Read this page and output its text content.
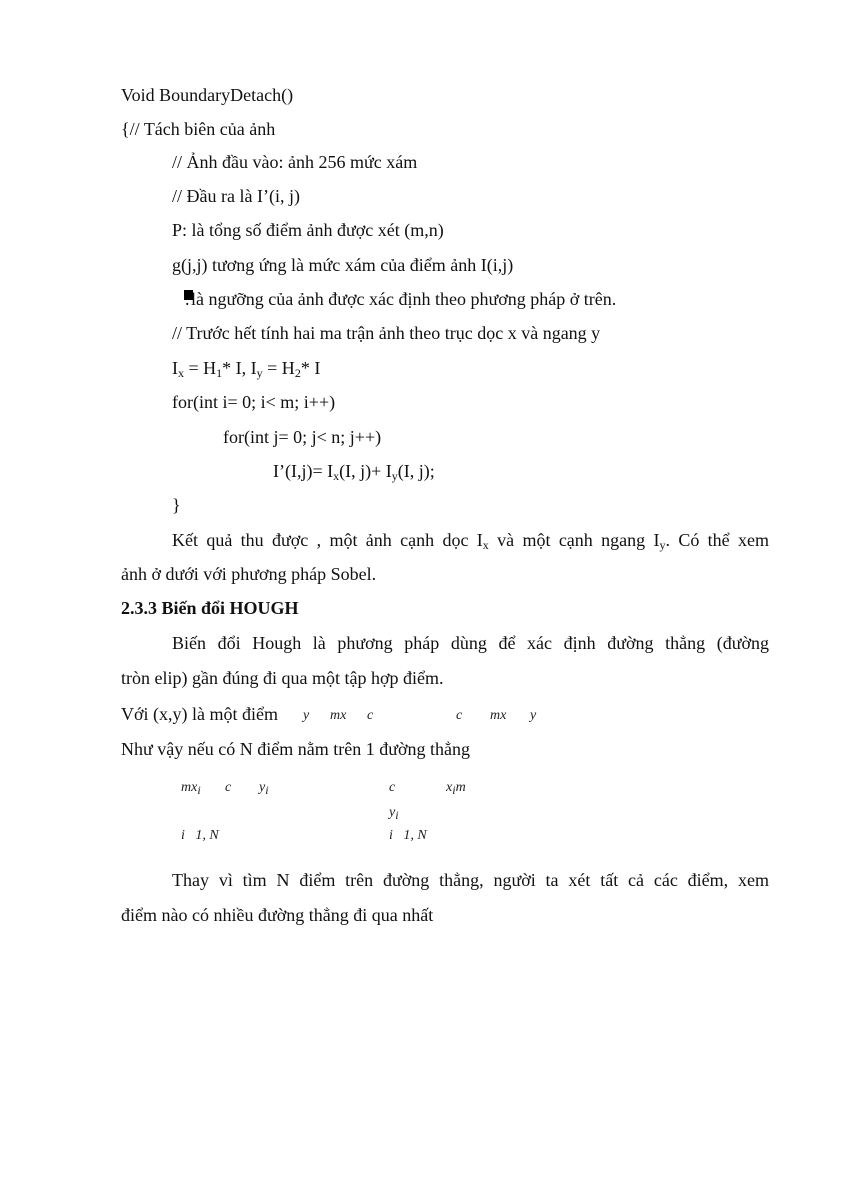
Void BoundaryDetach()
{// Tách biên của ảnh
// Ảnh đầu vào: ảnh 256 mức xám
// Đầu ra là I’(i, j)
P: là tổng số điểm ảnh được xét (m,n)
g(j,j) tương ứng là mức xám của điểm ảnh I(i,j)
. là ngưỡng của ảnh được xác định theo phương pháp ở trên.
// Trước hết tính hai ma trận ảnh theo trục dọc x và ngang y
$I_x = H_1*$ I, $I_y = H_2*$ I
for(int i= 0; i< m; i++)
for(int j= 0; j< n; j++)
I’(I,j)= $I_x(I$, $j)+ I_y(I$, j);
}
Kết quả thu được , một ảnh cạnh dọc $I_x$ và một cạnh ngang $I_y$. Có thể xem
ảnh ở dưới với phương pháp Sobel.
2.3.3 Biến đổi HOUGH
Biến đổi Hough là phương pháp dùng để xác định đường thẳng (đường
tròn elip) gần đúng đi qua một tập hợp điểm.
Với (x,y) là một điểm y mx c	c mx y
Như vậy nếu có N điểm nằm trên 1 đường thẳng
$mx_i$ c $y_i$
i 1, N
c	$x_im$
$y_i$
i 1, N
Thay vì tìm N điểm trên đường thẳng, người ta xét tất cả các điểm, xem
điểm nào có nhiều đường thẳng đi qua nhất
